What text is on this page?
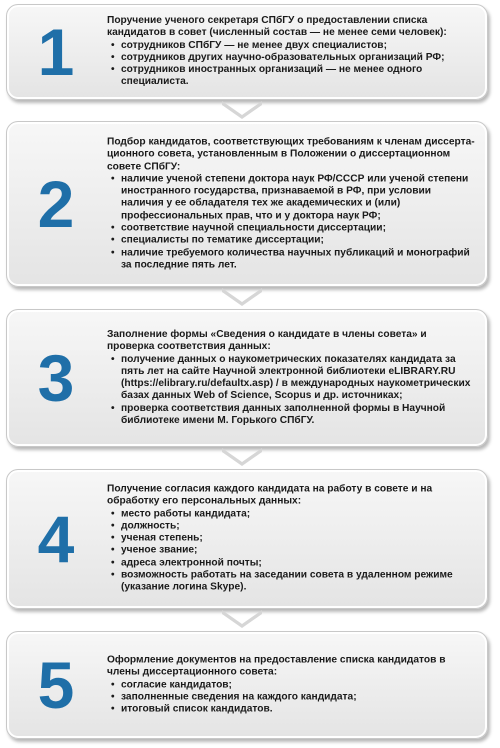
1	Поручение ученого секретаря СПбГУ о предоставлении списка кандидатов в совет (численный состав — не менее семи человек):

• сотрудников СПбГУ — не менее двух специалистов;
• сотрудников других научно-образовательных организаций РФ;
• сотрудников иностранных организаций — не менее одного специалиста.
2

Подбор кандидатов, соответствующих требованиям к членам диссерта-ционного совета, установленным в Положении о диссертационном совете СПбГУ:

• наличие ученой степени доктора наук РФ/СССР или ученой степени иностранного государства, признаваемой в РФ, при условии наличия у ее обладателя тех же академических и (или) профессиональных прав, что и у доктора наук РФ;
• соответствие научной специальности диссертации;
• специалисты по тематике диссертации;
• наличие требуемого количества научных публикаций и монографий за последние пять лет.
3

Заполнение формы «Сведения о кандидате в члены совета» и проверка соответствия данных:

• получение данных о наукометрических показателях кандидата за пять лет на сайте Научной электронной библиотеки eLIBRARY.RU (https://elibrary.ru/defaultx.asp) / в международных наукометрических базах данных Web of Science, Scopus и др. источниках;
• проверка соответствия данных заполненной формы в Научной библиотеке имени М. Горького СПбГУ.
4

Получение согласия каждого кандидата на работу в совете и на обработку его персональных данных:

• место работы кандидата;
• должность;
• ученая степень;
• ученое звание;
• адреса электронной почты;
• возможность работать на заседании совета в удаленном режиме (указание логина Skype).
5	Оформление документов на предоставление списка кандидатов в члены диссертационного совета:

• согласие кандидатов;
• заполненные сведения на каждого кандидата;
• итоговый список кандидатов.
